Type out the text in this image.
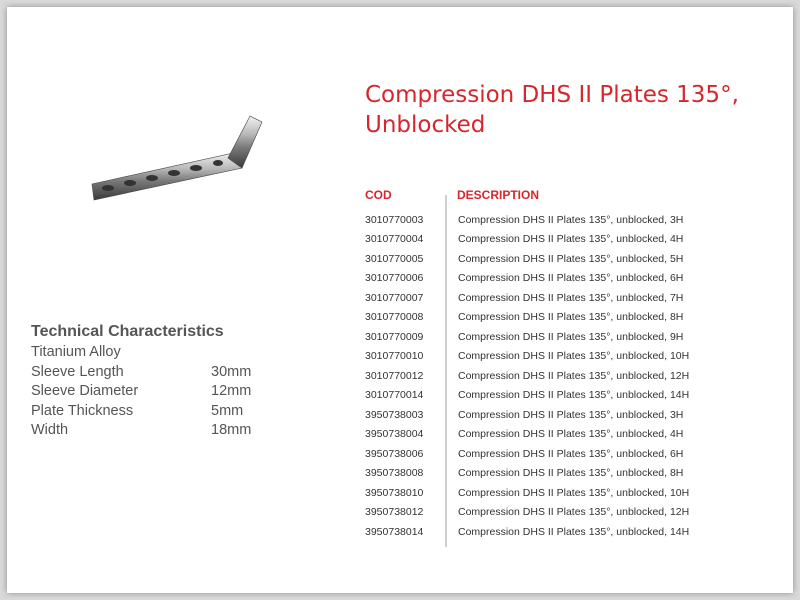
Compression DHS II Plates 135°,
Unblocked
Technical Characteristics
Titanium Alloy
Sleeve Length	30mm
Sleeve Diameter	12mm
Plate Thickness	5mm
Width	18mm
COD	DESCRIPTION
3010770003	Compression DHS II Plates 135°, unblocked, 3H
3010770004	Compression DHS II Plates 135°, unblocked, 4H
3010770005	Compression DHS II Plates 135°, unblocked, 5H
3010770006	Compression DHS II Plates 135°, unblocked, 6H
3010770007	Compression DHS II Plates 135°, unblocked, 7H
3010770008	Compression DHS II Plates 135°, unblocked, 8H
3010770009	Compression DHS II Plates 135°, unblocked, 9H
3010770010	Compression DHS II Plates 135°, unblocked, 10H
3010770012	Compression DHS II Plates 135°, unblocked, 12H
3010770014	Compression DHS II Plates 135°, unblocked, 14H
3950738003	Compression DHS II Plates 135°, unblocked, 3H
3950738004	Compression DHS II Plates 135°, unblocked, 4H
3950738006	Compression DHS II Plates 135°, unblocked, 6H
3950738008	Compression DHS II Plates 135°, unblocked, 8H
3950738010	Compression DHS II Plates 135°, unblocked, 10H
3950738012	Compression DHS II Plates 135°, unblocked, 12H
3950738014	Compression DHS II Plates 135°, unblocked, 14H
